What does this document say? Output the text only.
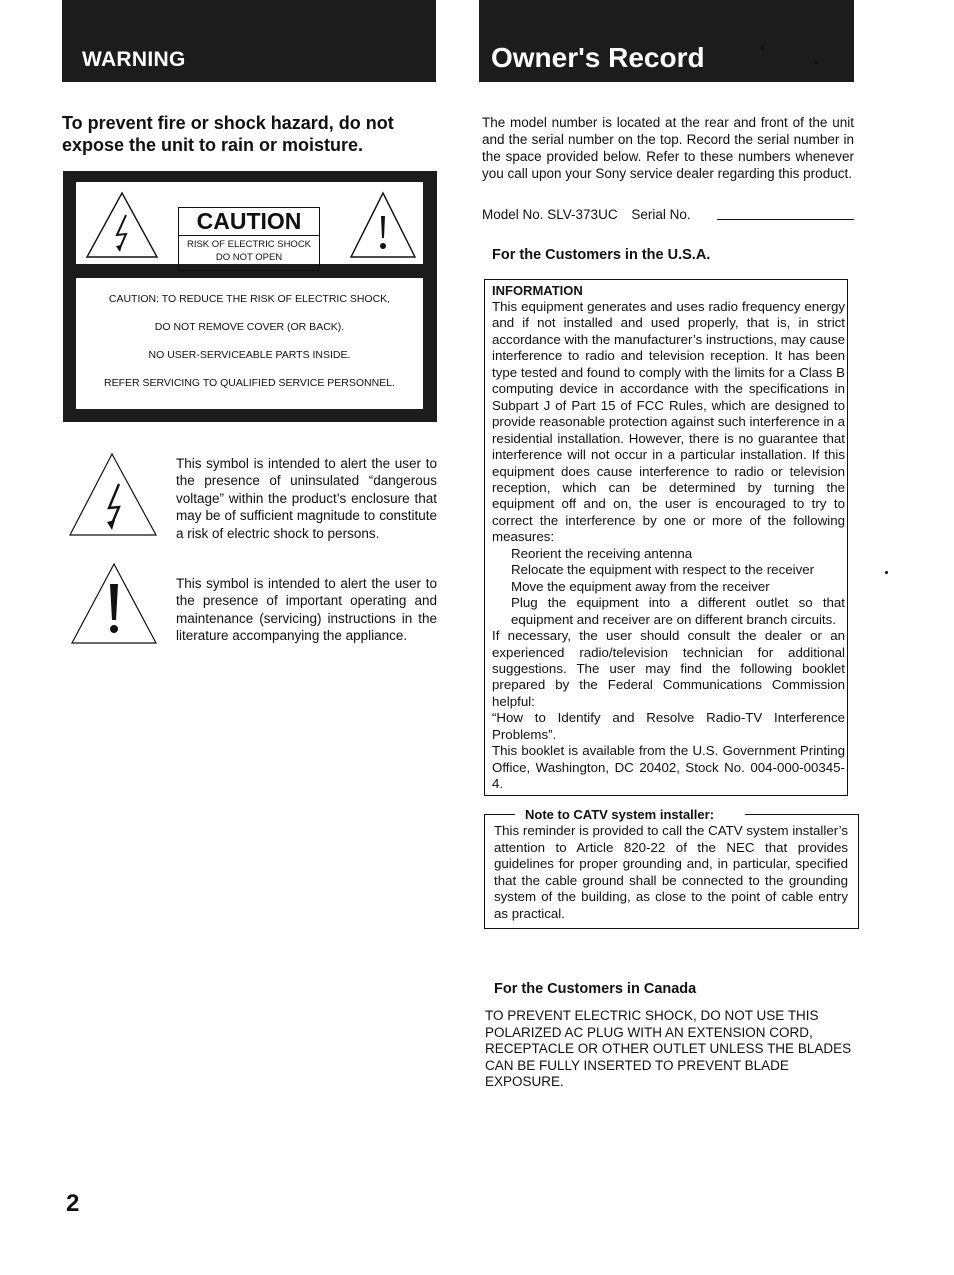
WARNING	Owner's Record
To prevent fire or shock hazard, do not expose the unit to rain or moisture.
CAUTION
RISK OF ELECTRIC SHOCK
DO NOT OPEN
CAUTION: TO REDUCE THE RISK OF ELECTRIC SHOCK,
DO NOT REMOVE COVER (OR BACK).
NO USER-SERVICEABLE PARTS INSIDE.
REFER SERVICING TO QUALIFIED SERVICE PERSONNEL.
This symbol is intended to alert the user to the presence of uninsulated “dangerous voltage” within the product’s enclosure that may be of sufficient magnitude to constitute a risk of electric shock to persons.
This symbol is intended to alert the user to the presence of important operating and maintenance (servicing) instructions in the literature accompanying the appliance.
The model number is located at the rear and front of the unit and the serial number on the top. Record the serial number in the space provided below. Refer to these numbers whenever you call upon your Sony service dealer regarding this product.
Model No. SLV-373UC Serial No.
For the Customers in the U.S.A.
INFORMATION
This equipment generates and uses radio frequency energy and if not installed and used properly, that is, in strict accordance with the manufacturer’s instructions, may cause interference to radio and television reception. It has been type tested and found to comply with the limits for a Class B computing device in accordance with the specifications in Subpart J of Part 15 of FCC Rules, which are designed to provide reasonable protection against such interference in a residential installation. However, there is no guarantee that interference will not occur in a particular installation. If this equipment does cause interference to radio or television reception, which can be determined by turning the equipment off and on, the user is encouraged to try to correct the interference by one or more of the following measures:
Reorient the receiving antenna
Relocate the equipment with respect to the receiver
Move the equipment away from the receiver
Plug the equipment into a different outlet so that equipment and receiver are on different branch circuits.
If necessary, the user should consult the dealer or an experienced radio/television technician for additional suggestions. The user may find the following booklet prepared by the Federal Communications Commission helpful:
“How to Identify and Resolve Radio-TV Interference Problems”.
This booklet is available from the U.S. Government Printing Office, Washington, DC 20402, Stock No. 004-000-00345-4.
Note to CATV system installer:
This reminder is provided to call the CATV system installer’s attention to Article 820-22 of the NEC that provides guidelines for proper grounding and, in particular, specified that the cable ground shall be connected to the grounding system of the building, as close to the point of cable entry as practical.
For the Customers in Canada
TO PREVENT ELECTRIC SHOCK, DO NOT USE THIS POLARIZED AC PLUG WITH AN EXTENSION CORD, RECEPTACLE OR OTHER OUTLET UNLESS THE BLADES CAN BE FULLY INSERTED TO PREVENT BLADE EXPOSURE.
2
